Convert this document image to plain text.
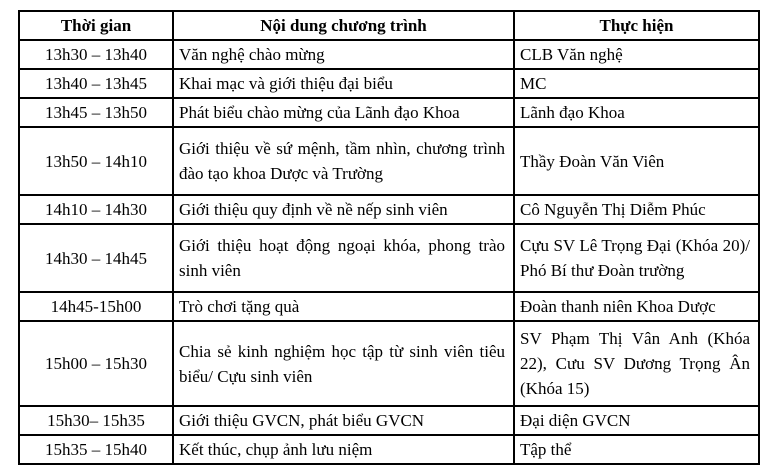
Thời gian	Nội dung chương trình	Thực hiện
13h30 – 13h40	Văn nghệ chào mừng	CLB Văn nghệ
13h40 – 13h45	Khai mạc và giới thiệu đại biểu	MC
13h45 – 13h50	Phát biểu chào mừng của Lãnh đạo Khoa	Lãnh đạo Khoa
13h50 – 14h10	Giới thiệu về sứ mệnh, tầm nhìn, chương trình đào tạo khoa Dược và Trường	Thầy Đoàn Văn Viên
14h10 – 14h30	Giới thiệu quy định về nề nếp sinh viên	Cô Nguyễn Thị Diễm Phúc
14h30 – 14h45	Giới thiệu hoạt động ngoại khóa, phong trào sinh viên	Cựu SV Lê Trọng Đại (Khóa 20)/ Phó Bí thư Đoàn trường
14h45-15h00	Trò chơi tặng quà	Đoàn thanh niên Khoa Dược
15h00 – 15h30	Chia sẻ kinh nghiệm học tập từ sinh viên tiêu biểu/ Cựu sinh viên	SV Phạm Thị Vân Anh (Khóa 22), Cưu SV Dương Trọng Ân (Khóa 15)
15h30– 15h35	Giới thiệu GVCN, phát biểu GVCN	Đại diện GVCN
15h35 – 15h40	Kết thúc, chụp ảnh lưu niệm	Tập thể
